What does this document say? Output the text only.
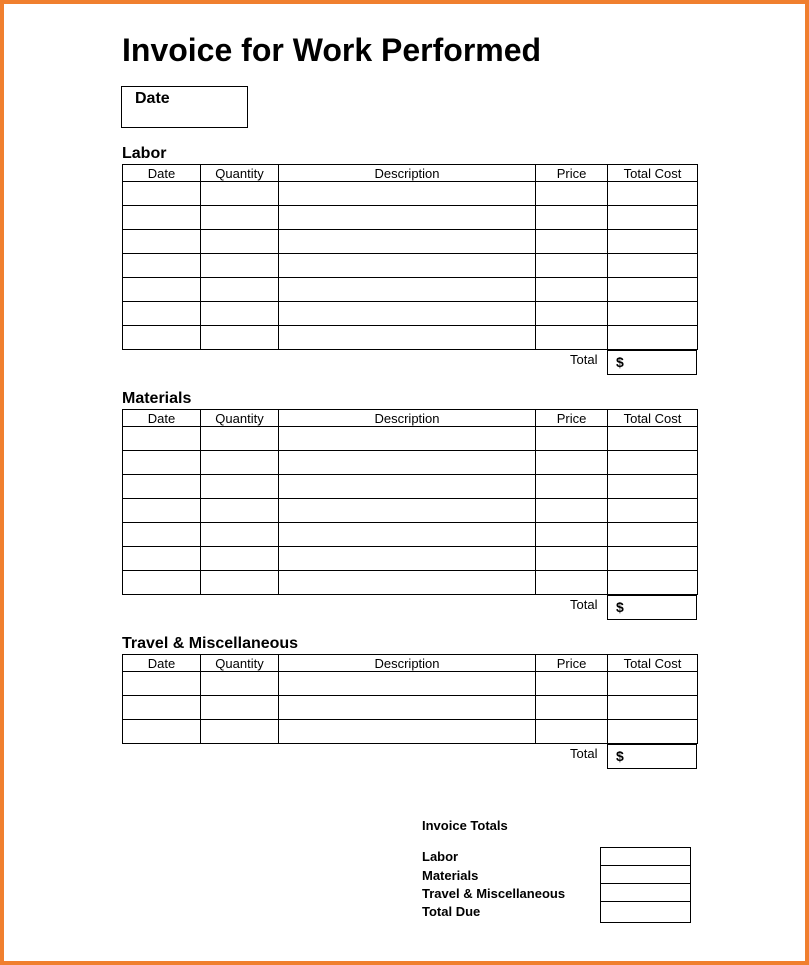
Invoice for Work Performed
Date
Labor
Date	Quantity	Description	Price	Total Cost

Total $
Materials
Date	Quantity	Description	Price	Total Cost

Total $
Travel & Miscellaneous
Date	Quantity	Description	Price	Total Cost

Total $
Invoice Totals
Labor
Materials
Travel & Miscellaneous
Total Due
